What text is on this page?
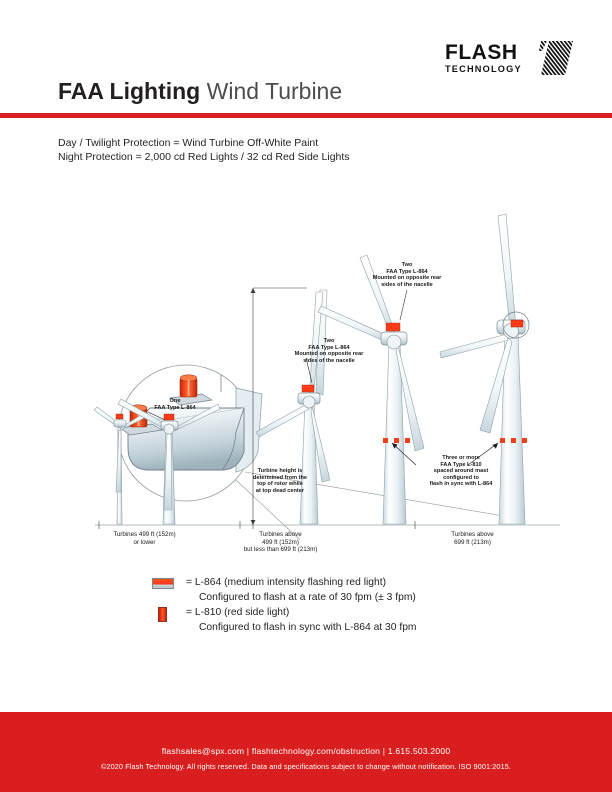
FLASH
TECHNOLOGY
FAA Lighting Wind Turbine
Day / Twilight Protection = Wind Turbine Off-White Paint
Night Protection = 2,000 cd Red Lights / 32 cd Red Side Lights
One
FAA Type L-864
Two
FAA Type L-864
Mounted on opposite rear
sides of the nacelle
Two
FAA Type L-864
Mounted on opposite rear
sides of the nacelle
Three or more
FAA Type L-810
spaced around mast
configured to
flash in sync with L-864
Turbine height is
determined from the
top of rotor while
at top dead center
Turbines 499 ft (152m)
or lower
Turbines above
499 ft (152m)
but less than 699 ft (213m)
Turbines above
699 ft (213m)
= L-864 (medium intensity flashing red light)
Configured to flash at a rate of 30 fpm (± 3 fpm)
= L-810 (red side light)
Configured to flash in sync with L-864 at 30 fpm
flashsales@spx.com | flashtechnology.com/obstruction | 1.615.503.2000
©2020 Flash Technology. All rights reserved. Data and specifications subject to change without notification. ISO 9001:2015.
